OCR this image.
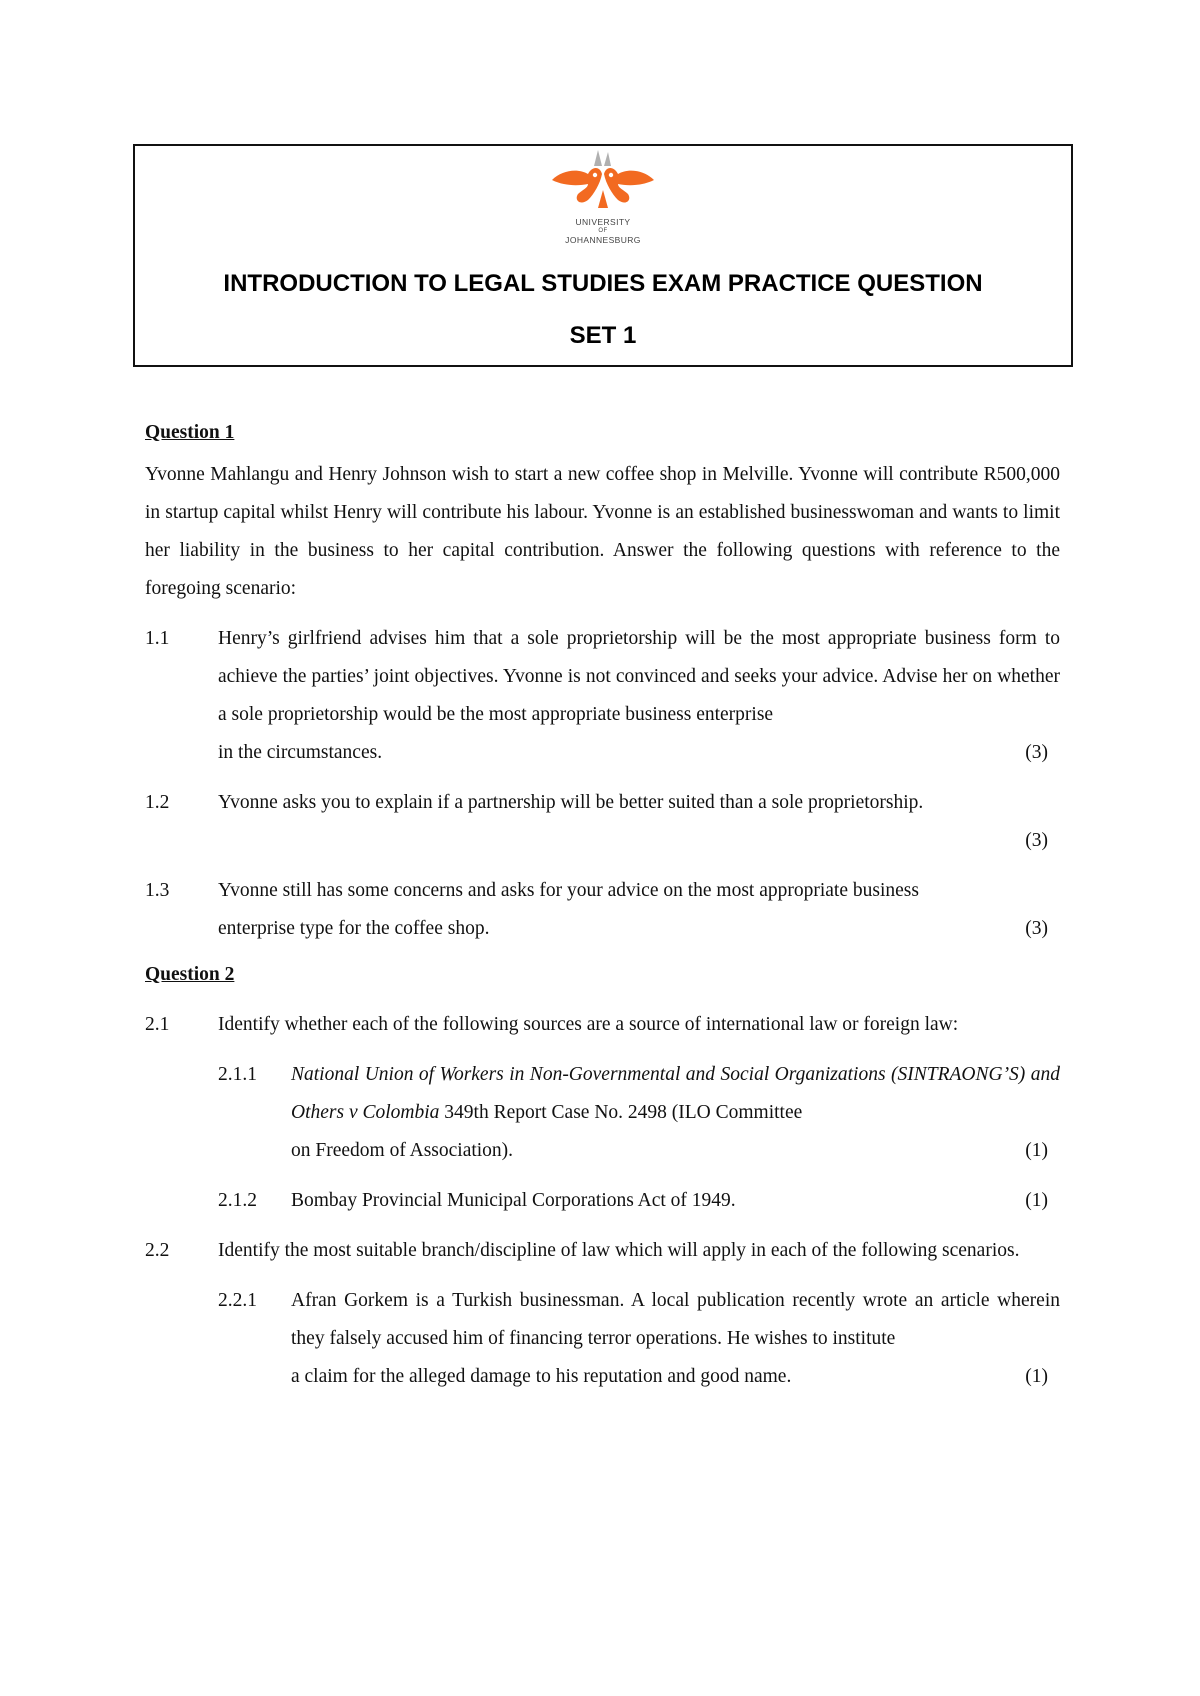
UNIVERSITY
OF
JOHANNESBURG
INTRODUCTION TO LEGAL STUDIES EXAM PRACTICE QUESTION
SET 1
Question 1

Yvonne Mahlangu and Henry Johnson wish to start a new coffee shop in Melville. Yvonne will contribute R500,000 in startup capital whilst Henry will contribute his labour. Yvonne is an established businesswoman and wants to limit her liability in the business to her capital contribution. Answer the following questions with reference to the foregoing scenario:

1.1 Henry’s girlfriend advises him that a sole proprietorship will be the most appropriate business form to achieve the parties’ joint objectives. Yvonne is not convinced and seeks your advice. Advise her on whether a sole proprietorship would be the most appropriate business enterprise
in the circumstances.	(3)
1.2 Yvonne asks you to explain if a partnership will be better suited than a sole proprietorship.
(3)
1.3 Yvonne still has some concerns and asks for your advice on the most appropriate business
enterprise type for the coffee shop.	(3)
Question 2
2.1 Identify whether each of the following sources are a source of international law or foreign law:
2.1.1 National Union of Workers in Non-Governmental and Social Organizations (SINTRAONG’S) and Others v Colombia 349th Report Case No. 2498 (ILO Committee
on Freedom of Association).	(1)
2.1.2 Bombay Provincial Municipal Corporations Act of 1949.	(1)
2.2 Identify the most suitable branch/discipline of law which will apply in each of the following scenarios.
2.2.1 Afran Gorkem is a Turkish businessman. A local publication recently wrote an article wherein they falsely accused him of financing terror operations. He wishes to institute
a claim for the alleged damage to his reputation and good name.	(1)
